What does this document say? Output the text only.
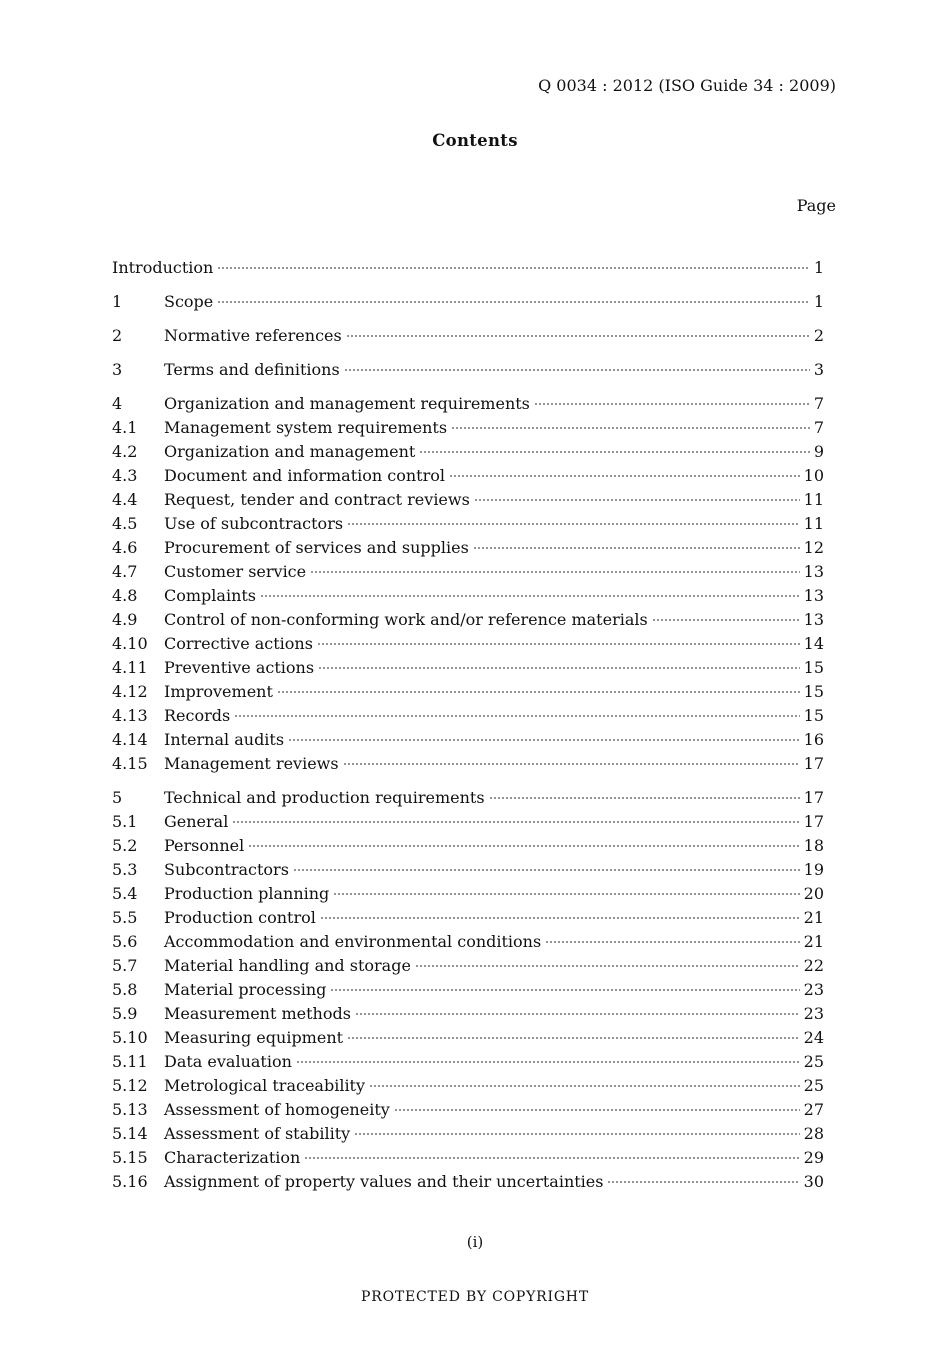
Q 0034 : 2012 (ISO Guide 34 : 2009)
Contents
Page
Introduction	1
1	Scope	1
2	Normative references	2
3	Terms and definitions	3
4	Organization and management requirements	7
4.1	Management system requirements	7
4.2	Organization and management	9
4.3	Document and information control	10
4.4	Request, tender and contract reviews	11
4.5	Use of subcontractors	11
4.6	Procurement of services and supplies	12
4.7	Customer service	13
4.8	Complaints	13
4.9	Control of non-conforming work and/or reference materials	13
4.10	Corrective actions	14
4.11	Preventive actions	15
4.12	Improvement	15
4.13	Records	15
4.14	Internal audits	16
4.15	Management reviews	17
5	Technical and production requirements	17
5.1	General	17
5.2	Personnel	18
5.3	Subcontractors	19
5.4	Production planning	20
5.5	Production control	21
5.6	Accommodation and environmental conditions	21
5.7	Material handling and storage	22
5.8	Material processing	23
5.9	Measurement methods	23
5.10	Measuring equipment	24
5.11	Data evaluation	25
5.12	Metrological traceability	25
5.13	Assessment of homogeneity	27
5.14	Assessment of stability	28
5.15	Characterization	29
5.16	Assignment of property values and their uncertainties	30
(i)
PROTECTED BY COPYRIGHT
